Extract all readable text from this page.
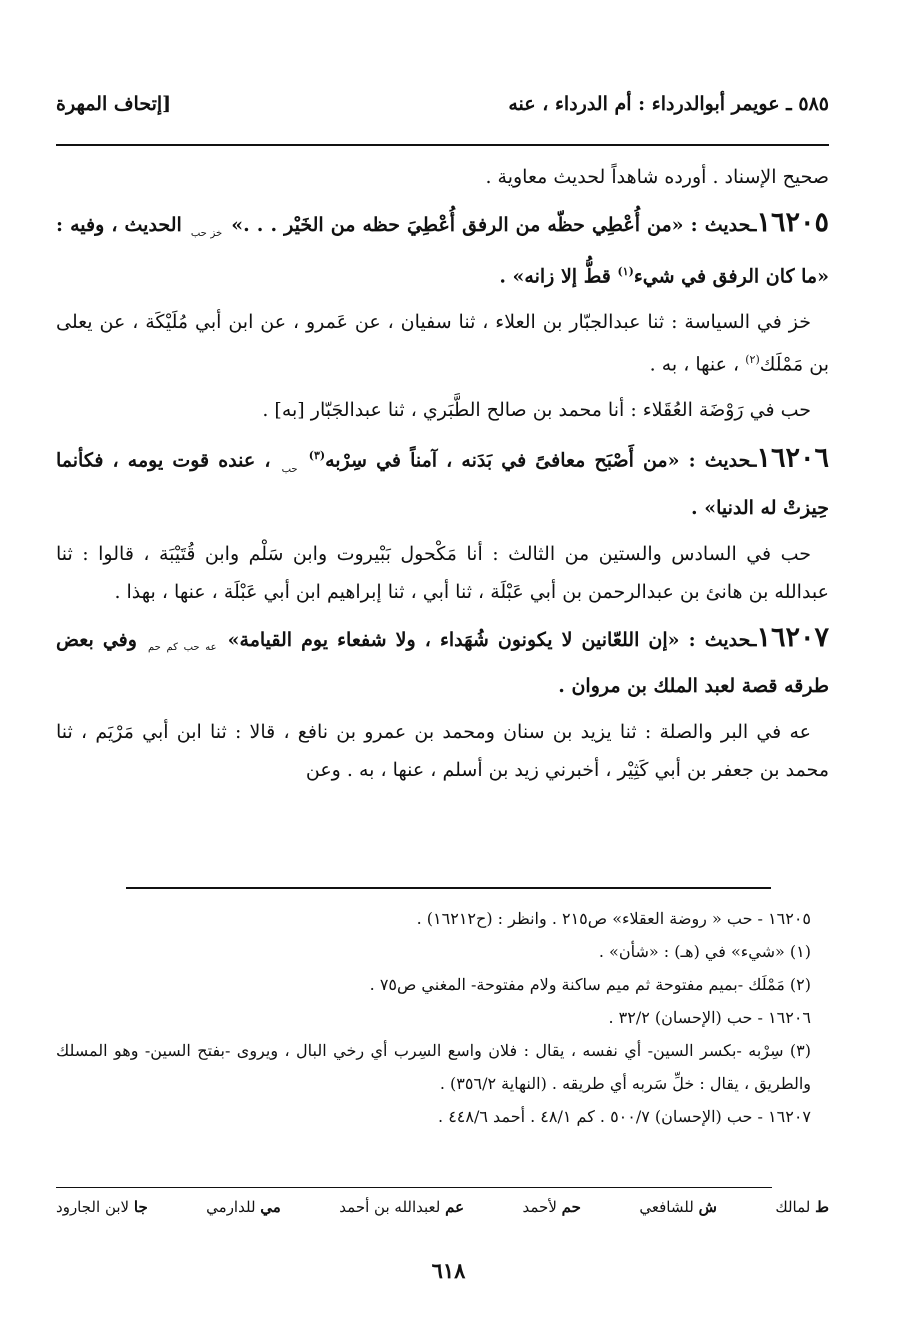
٥٨٥ ـ عويمر أبوالدرداء : أم الدرداء ، عنه
[إتحاف المهرة

صحيح الإسناد . أورده شاهداً لحديث معاوية .

١٦٢٠٥ـحديث : «من أُعْطِي حظّه من الرفق أُعْطِيَ حظه من الخَيْر . . .» $_{خز حب}$ الحديث ، وفيه : «ما كان الرفق في شيء$^{(١)}$ قطُّ إلا زانه» .

خز في السياسة : ثنا عبدالجبّار بن العلاء ، ثنا سفيان ، عن عَمرو ، عن ابن أبي مُلَيْكَة ، عن يعلى بن مَمْلَك$^{(٢)}$ ، عنها ، به .

حب في رَوْضَة العُقَلاء : أنا محمد بن صالح الطَّبَري ، ثنا عبدالجَبّار [به] .

١٦٢٠٦ـحديث : «من أَصْبَح معافىً في بَدَنه ، آمناً في سِرْبه$^{(٣)}$ $_{حب}$ ، عنده قوت يومه ، فكأنما حِيزتْ له الدنيا» .

حب في السادس والستين من الثالث : أنا مَكْحول بَبْيروت وابن سَلْم وابن قُتَيْبَة ، قالوا : ثنا عبدالله بن هانئ بن عبدالرحمن بن أبي عَبْلَة ، ثنا أبي ، ثنا إبراهيم ابن أبي عَبْلَة ، عنها ، بهذا .

١٦٢٠٧ـحديث : «إن اللعّانين لا يكونون شُهَداء ، ولا شفعاء يوم القيامة» $_{عه حب كم حم}$ وفي بعض طرقه قصة لعبد الملك بن مروان .

عه في البر والصلة : ثنا يزيد بن سنان ومحمد بن عمرو بن نافع ، قالا : ثنا ابن أبي مَرْيَم ، ثنا محمد بن جعفر بن أبي كَثِيْر ، أخبرني زيد بن أسلم ، عنها ، به . وعن

١٦٢٠٥ - حب « روضة العقلاء» ص٢١٥ . وانظر : (ح١٦٢١٢) .

(١) «شيء» في (هـ) : «شأن» .

(٢) مَمْلَك -بميم مفتوحة ثم ميم ساكنة ولام مفتوحة- المغني ص٧٥ .

١٦٢٠٦ - حب (الإحسان) ٣٢/٢ .

(٣) سِرْبه -بكسر السين- أي نفسه ، يقال : فلان واسع السِرب أي رخي البال ، ويروى -بفتح السين- وهو المسلك والطريق ، يقال : خلِّ سَربه أي طريقه . (النهاية ٣٥٦/٢) .

١٦٢٠٧ - حب (الإحسان) ٥٠٠/٧ . كم ٤٨/١ . أحمد ٤٤٨/٦ .

ط لمالك
ش للشافعي
حم لأحمد
عم لعبدالله بن أحمد
مي للدارمي
جا لابن الجارود
٦١٨
